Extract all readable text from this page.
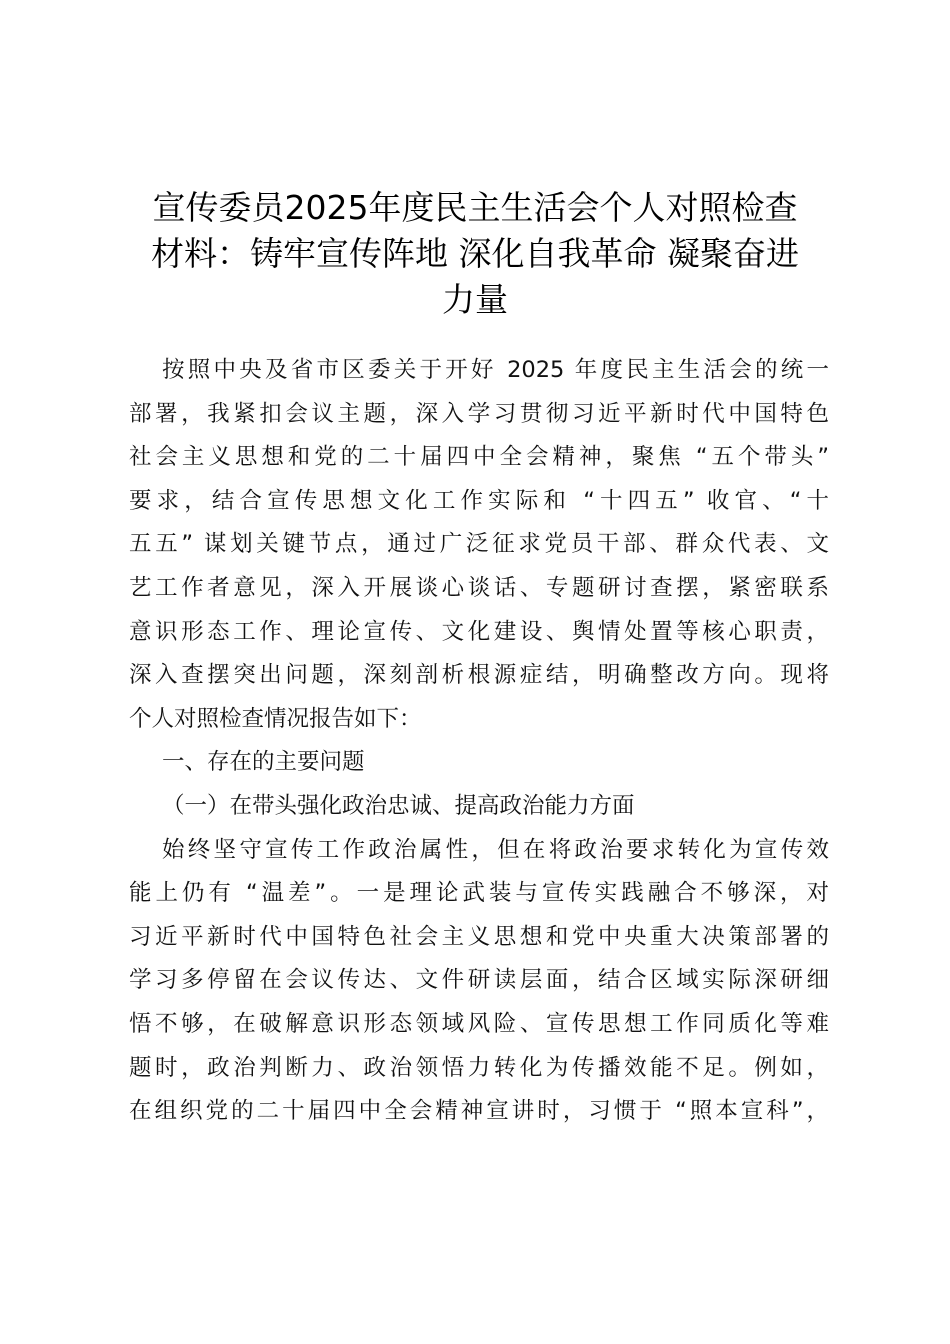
宣传委员2025年度民主生活会个人对照检查
材料：铸牢宣传阵地 深化自我革命 凝聚奋进
力量
按照中央及省市区委关于开好 2025 年度民主生活会的统一
部署，我紧扣会议主题，深入学习贯彻习近平新时代中国特色
社会主义思想和党的二十届四中全会精神，聚焦 “五个带头”
要求，结合宣传思想文化工作实际和 “十四五” 收官、“十
五五” 谋划关键节点，通过广泛征求党员干部、群众代表、文
艺工作者意见，深入开展谈心谈话、专题研讨查摆，紧密联系
意识形态工作、理论宣传、文化建设、舆情处置等核心职责，
深入查摆突出问题，深刻剖析根源症结，明确整改方向。现将
个人对照检查情况报告如下：
一、存在的主要问题
（一）在带头强化政治忠诚、提高政治能力方面
始终坚守宣传工作政治属性，但在将政治要求转化为宣传效
能上仍有 “温差”。一是理论武装与宣传实践融合不够深，对
习近平新时代中国特色社会主义思想和党中央重大决策部署的
学习多停留在会议传达、文件研读层面，结合区域实际深研细
悟不够，在破解意识形态领域风险、宣传思想工作同质化等难
题时，政治判断力、政治领悟力转化为传播效能不足。例如，
在组织党的二十届四中全会精神宣讲时，习惯于 “照本宣科”，
